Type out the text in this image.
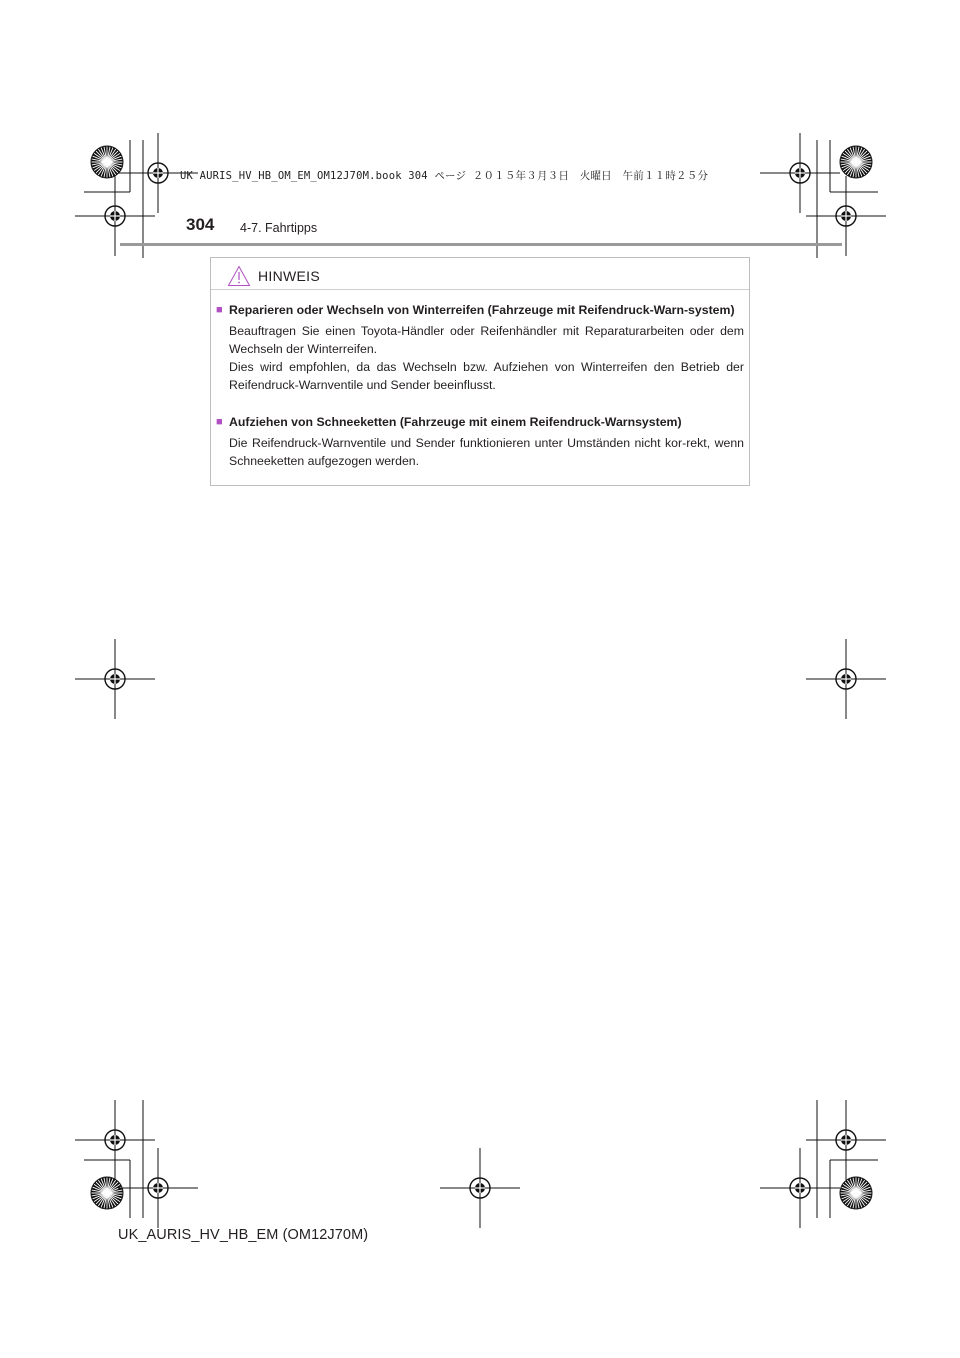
UK AURIS_HV_HB_OM_EM_OM12J70M.book 304 ページ ２０１５年３月３日　火曜日　午前１１時２５分
304 4-7. Fahrtipps
HINWEIS
■ Reparieren oder Wechseln von Winterreifen (Fahrzeuge mit Reifendruck-Warn-system)

Beauftragen Sie einen Toyota-Händler oder Reifenhändler mit Reparaturarbeiten oder dem Wechseln der Winterreifen.

Dies wird empfohlen, da das Wechseln bzw. Aufziehen von Winterreifen den Betrieb der Reifendruck-Warnventile und Sender beeinflusst.

■ Aufziehen von Schneeketten (Fahrzeuge mit einem Reifendruck-Warnsystem)

Die Reifendruck-Warnventile und Sender funktionieren unter Umständen nicht kor-rekt, wenn Schneeketten aufgezogen werden.

UK_AURIS_HV_HB_EM (OM12J70M)
